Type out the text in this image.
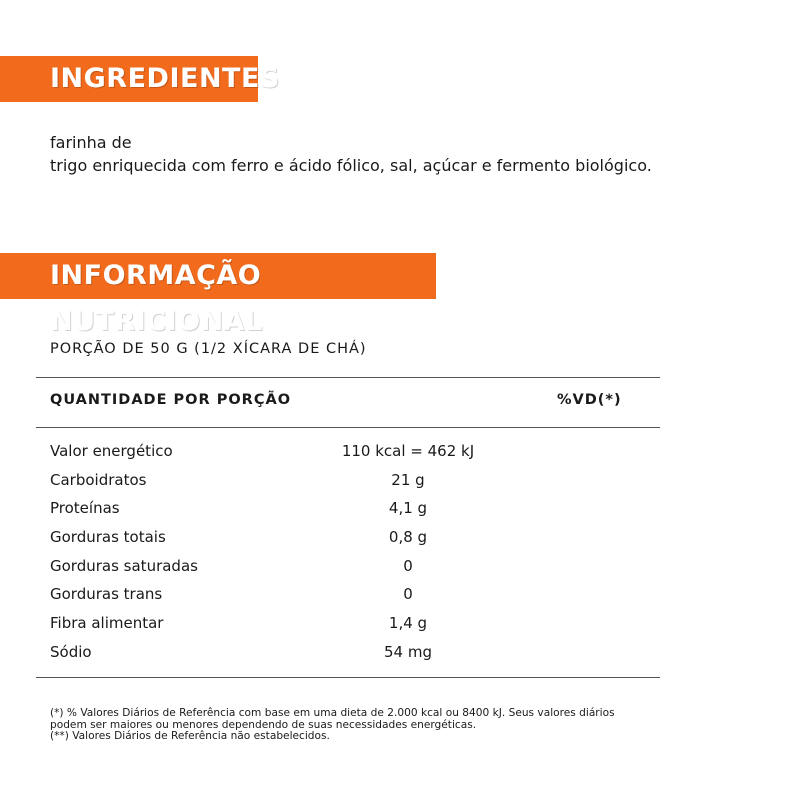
INGREDIENTES
farinha de
trigo enriquecida com ferro e ácido fólico, sal, açúcar e fermento biológico.
INFORMAÇÃO NUTRICIONAL
PORÇÃO DE 50 G (1/2 XÍCARA DE CHÁ)
QUANTIDADE POR PORÇÃO	%VD(*)
Valor energético	110 kcal = 462 kJ
Carboidratos	21 g
Proteínas	4,1 g
Gorduras totais	0,8 g
Gorduras saturadas	0
Gorduras trans	0
Fibra alimentar	1,4 g
Sódio	54 mg
(*) % Valores Diários de Referência com base em uma dieta de 2.000 kcal ou 8400 kJ. Seus valores diários
podem ser maiores ou menores dependendo de suas necessidades energéticas.
(**) Valores Diários de Referência não estabelecidos.
